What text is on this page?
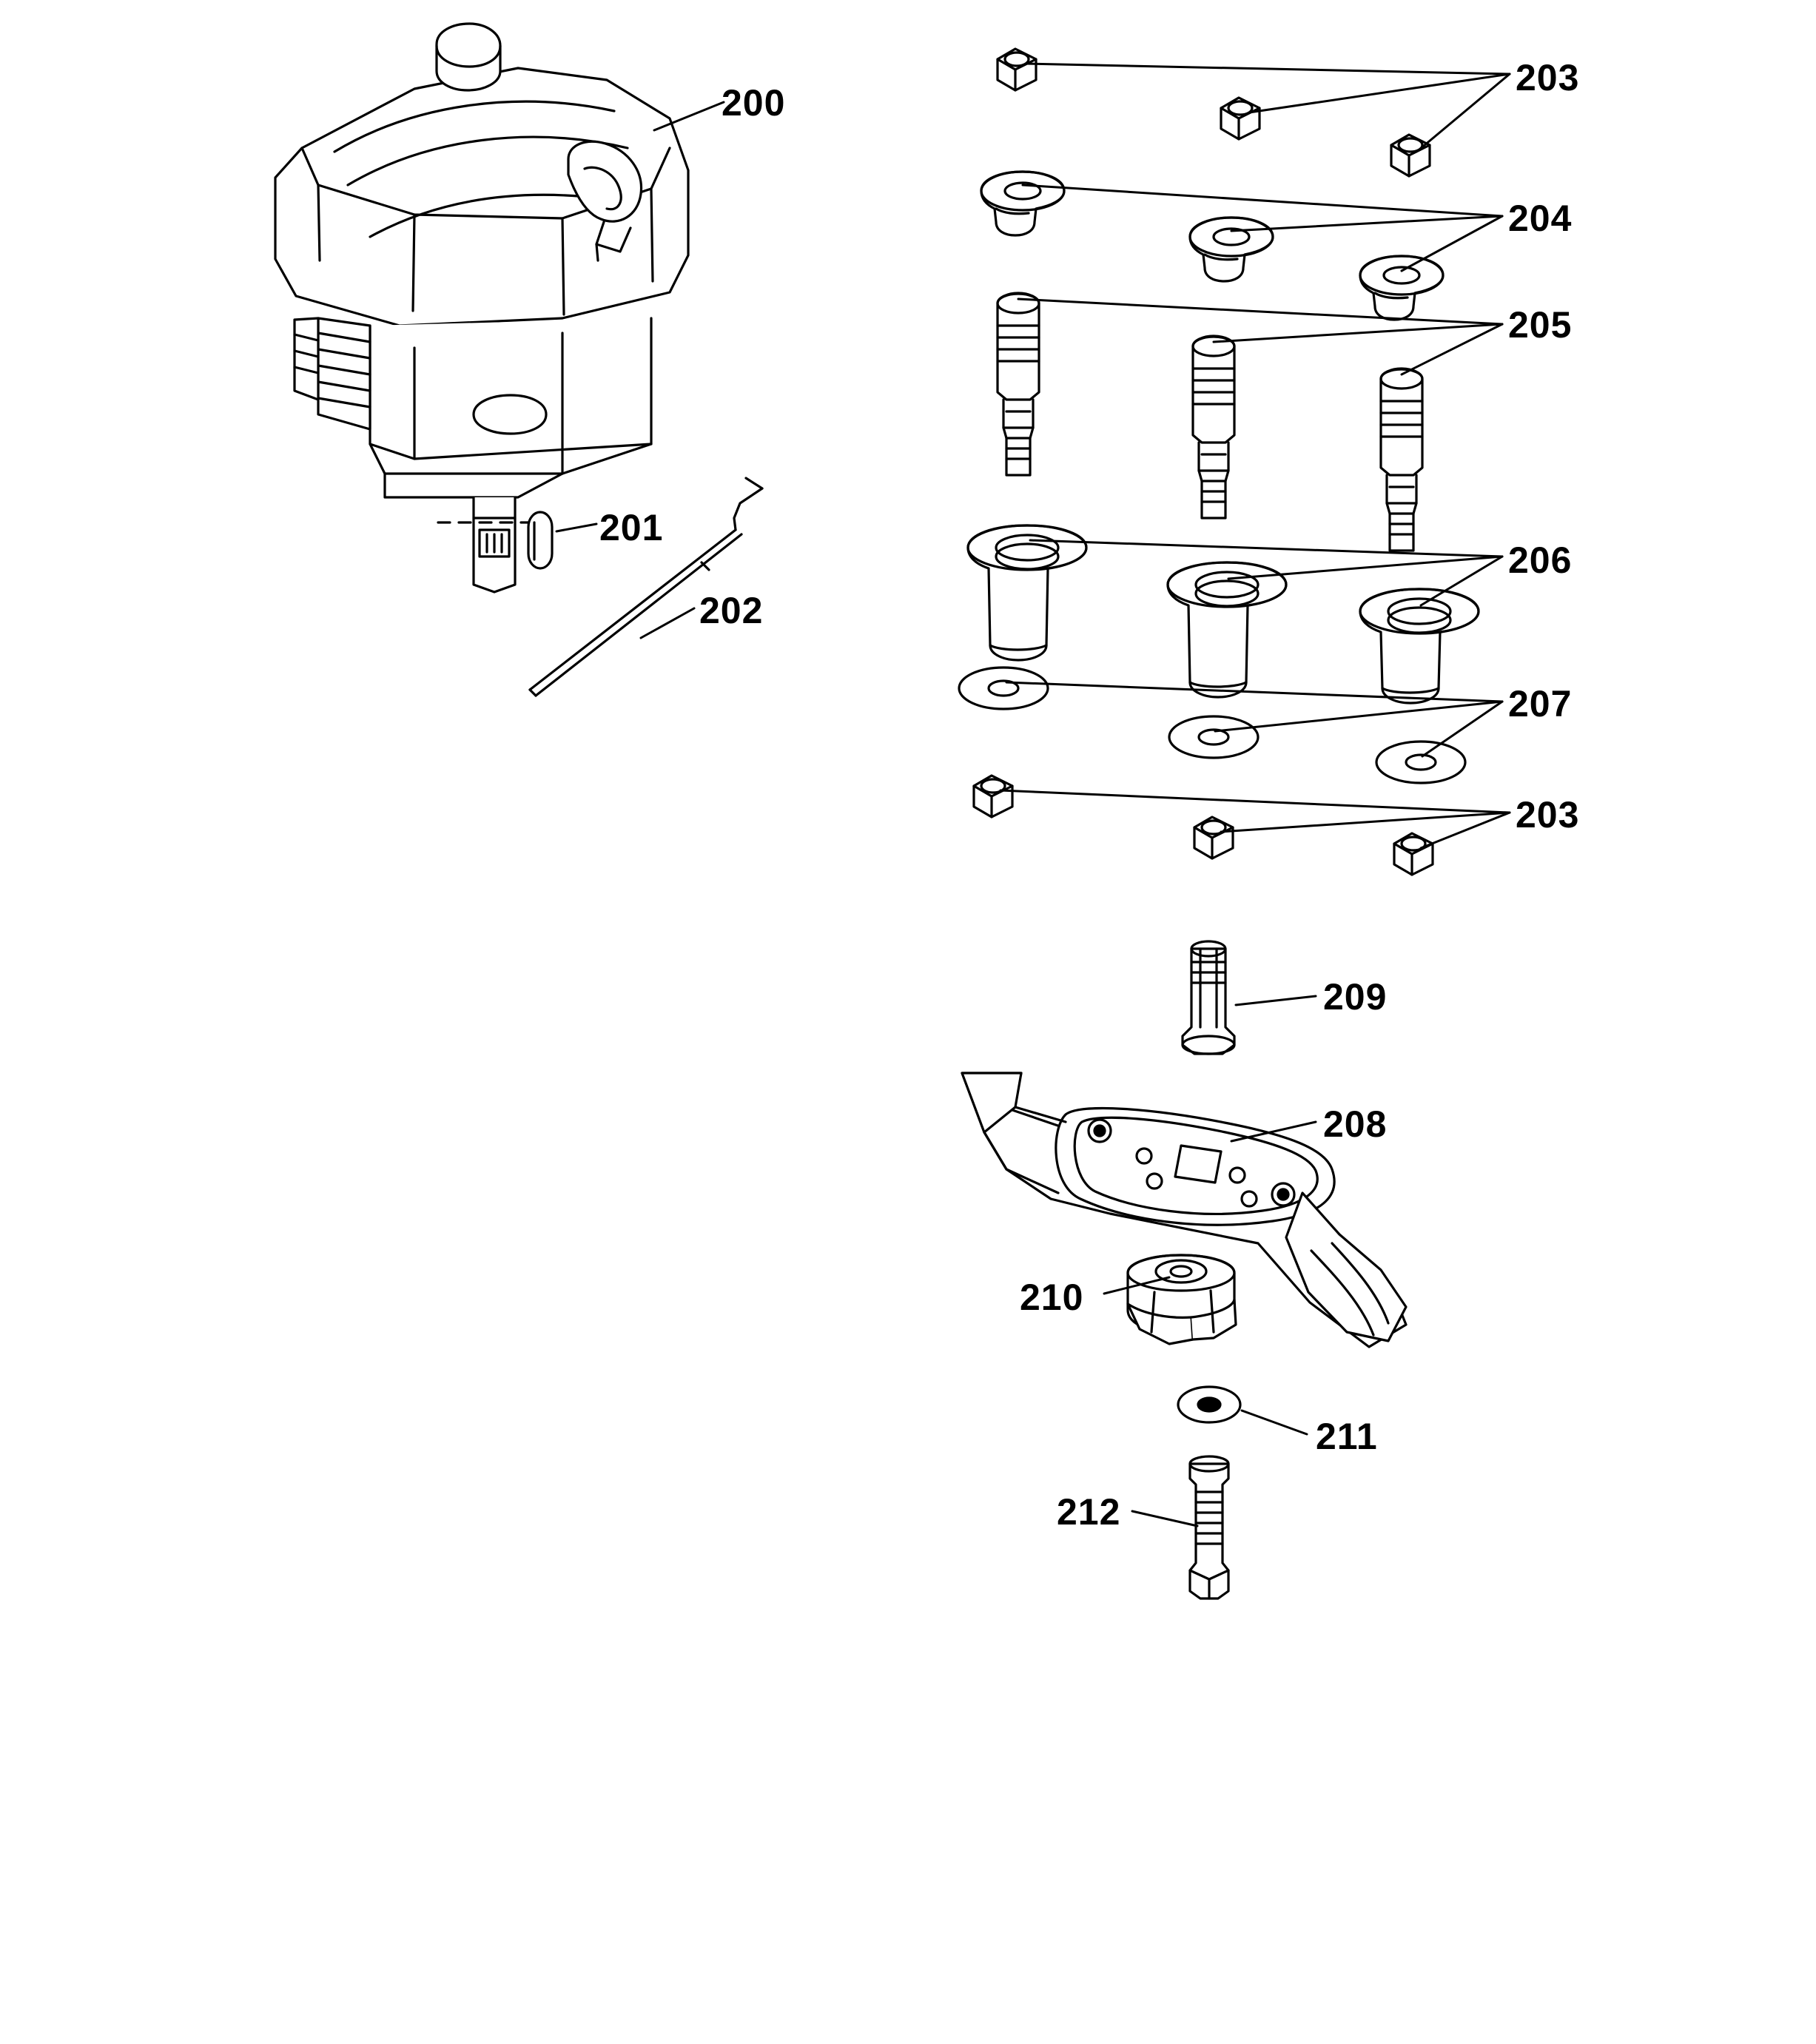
200
201
202
203
204
205
206
207
203
209
208
210
211
212
